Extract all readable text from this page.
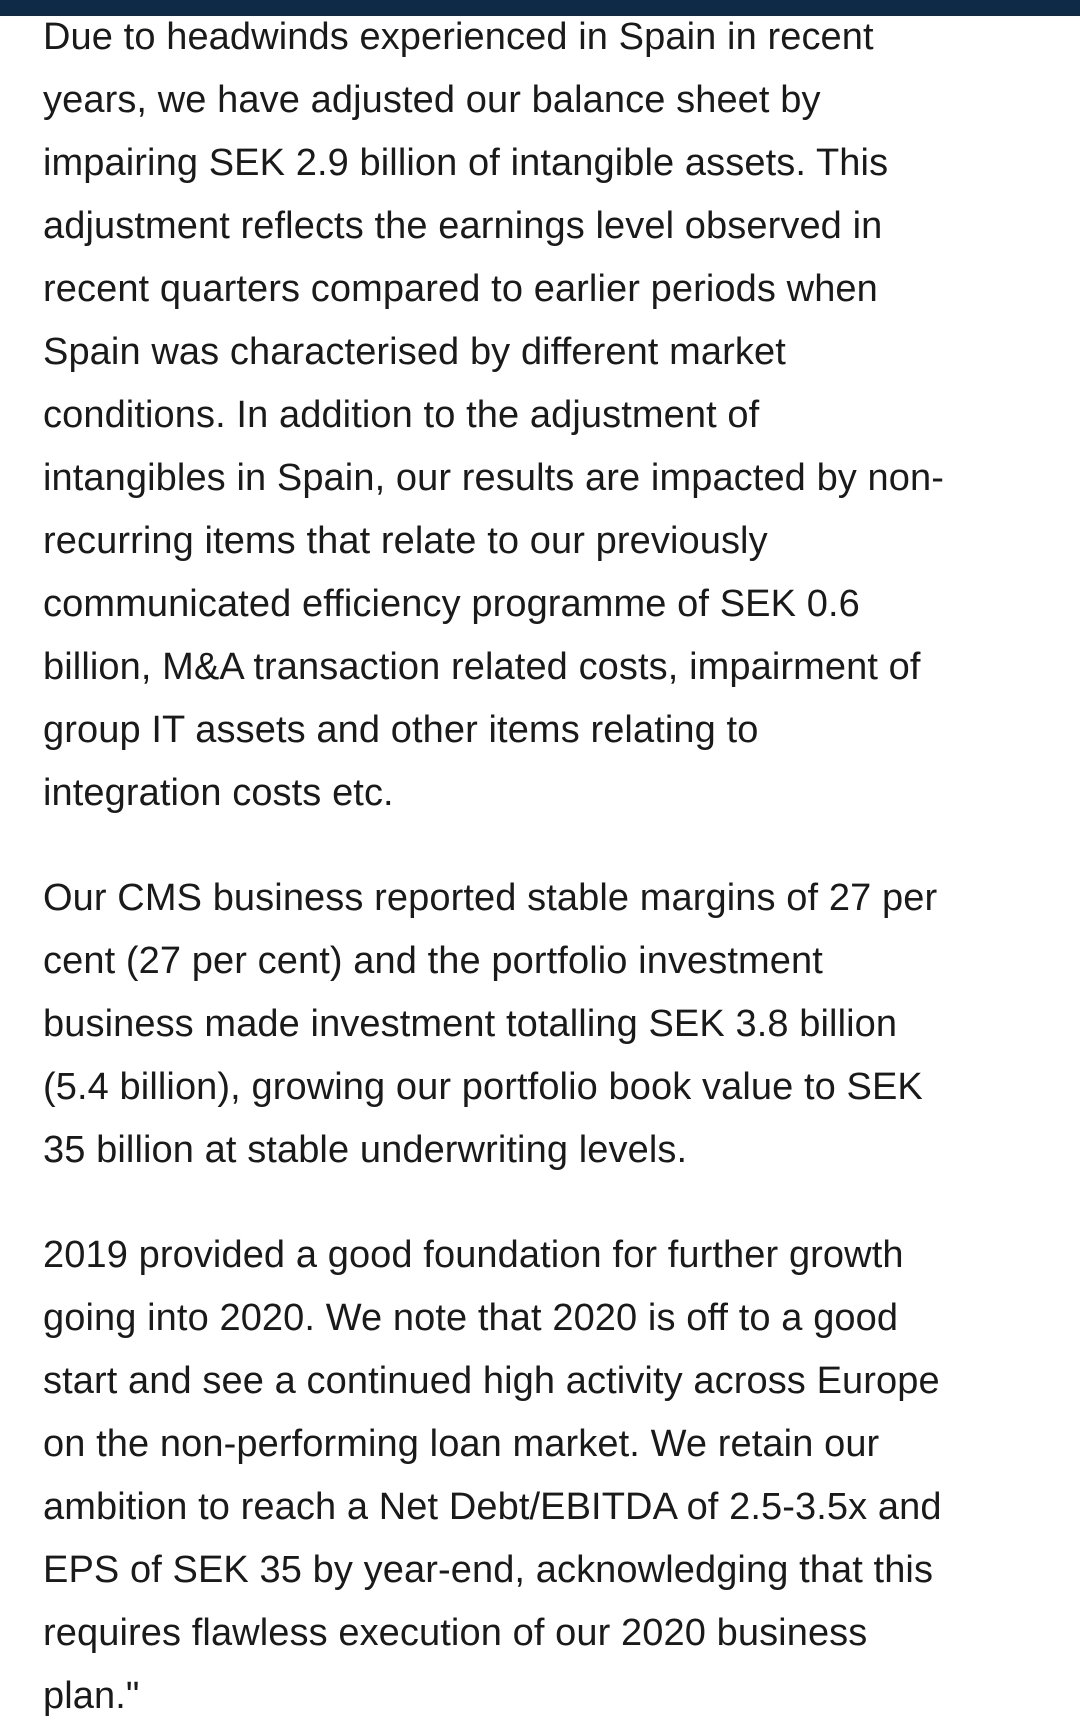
Due to headwinds experienced in Spain in recent
years, we have adjusted our balance sheet by
impairing SEK 2.9 billion of intangible assets. This
adjustment reflects the earnings level observed in
recent quarters compared to earlier periods when
Spain was characterised by different market
conditions. In addition to the adjustment of
intangibles in Spain, our results are impacted by non-
recurring items that relate to our previously
communicated efficiency programme of SEK 0.6
billion, M&A transaction related costs, impairment of
group IT assets and other items relating to
integration costs etc.

Our CMS business reported stable margins of 27 per
cent (27 per cent) and the portfolio investment
business made investment totalling SEK 3.8 billion
(5.4 billion), growing our portfolio book value to SEK
35 billion at stable underwriting levels.

2019 provided a good foundation for further growth
going into 2020. We note that 2020 is off to a good
start and see a continued high activity across Europe
on the non-performing loan market. We retain our
ambition to reach a Net Debt/EBITDA of 2.5-3.5x and
EPS of SEK 35 by year-end, acknowledging that this
requires flawless execution of our 2020 business
plan."
